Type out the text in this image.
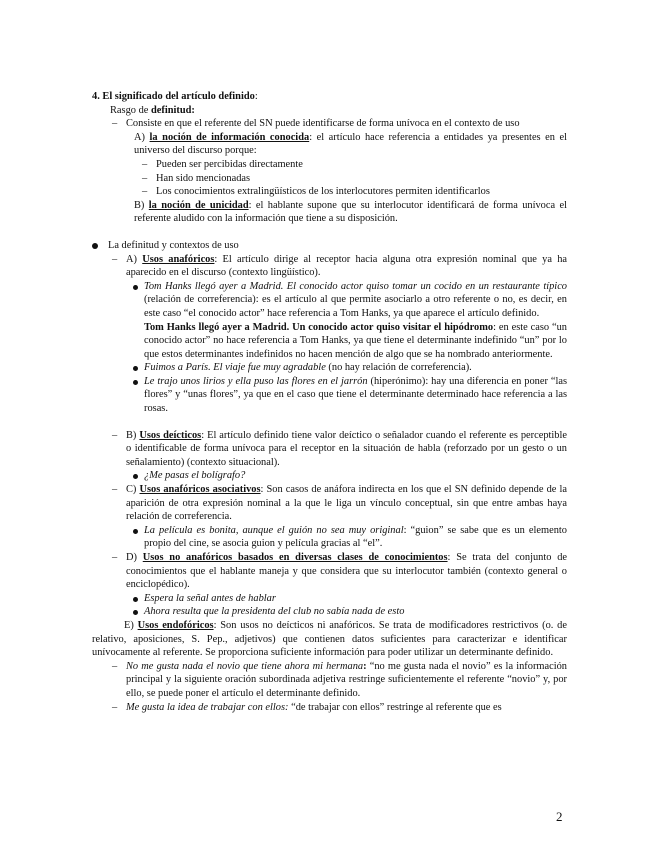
4. El significado del artículo definido:

Rasgo de definitud:

– Consiste en que el referente del SN puede identificarse de forma unívoca en el contexto de uso

A) la noción de información conocida: el artículo hace referencia a entidades ya presentes en el universo del discurso porque:

– Pueden ser percibidas directamente

– Han sido mencionadas

– Los conocimientos extralingüísticos de los interlocutores permiten identificarlos

B) la noción de unicidad: el hablante supone que su interlocutor identificará de forma unívoca el referente aludido con la información que tiene a su disposición.

La definitud y contextos de uso

– A) Usos anafóricos: El artículo dirige al receptor hacia alguna otra expresión nominal que ya ha aparecido en el discurso (contexto lingüístico).

Tom Hanks llegó ayer a Madrid. El conocido actor quiso tomar un cocido en un restaurante típico (relación de correferencia): es el artículo al que permite asociarlo a otro referente o no, es decir, en este caso “el conocido actor” hace referencia a Tom Hanks, ya que aparece el artículo definido.

Tom Hanks llegó ayer a Madrid. Un conocido actor quiso visitar el hipódromo: en este caso “un conocido actor” no hace referencia a Tom Hanks, ya que tiene el determinante indefinido “un” por lo que estos determinantes indefinidos no hacen mención de algo que se ha nombrado anteriormente.

Fuimos a París. El viaje fue muy agradable (no hay relación de correferencia).

Le trajo unos lirios y ella puso las flores en el jarrón (hiperónimo): hay una diferencia en poner “las flores” y “unas flores”, ya que en el caso que tiene el determinante determinado hace referencia a las rosas.

– B) Usos deícticos: El artículo definido tiene valor deíctico o señalador cuando el referente es perceptible o identificable de forma unívoca para el receptor en la situación de habla (reforzado por un gesto o un señalamiento) (contexto situacional).

¿Me pasas el bolígrafo?

– C) Usos anafóricos asociativos: Son casos de anáfora indirecta en los que el SN definido depende de la aparición de otra expresión nominal a la que le liga un vínculo conceptual, sin que entre ambas haya relación de correferencia.

La película es bonita, aunque el guión no sea muy original: “guion” se sabe que es un elemento propio del cine, se asocia guion y película gracias al “el”.

– D) Usos no anafóricos basados en diversas clases de conocimientos: Se trata del conjunto de conocimientos que el hablante maneja y que considera que su interlocutor también (contexto general o enciclopédico).

Espera la señal antes de hablar

Ahora resulta que la presidenta del club no sabía nada de esto

E) Usos endofóricos: Son usos no deícticos ni anafóricos. Se trata de modificadores restrictivos (o. de relativo, aposiciones, S. Pep., adjetivos) que contienen datos suficientes para caracterizar e identificar unívocamente al referente. Se proporciona suficiente información para poder utilizar un determinante definido.

– No me gusta nada el novio que tiene ahora mi hermana: “no me gusta nada el novio” es la información principal y la siguiente oración subordinada adjetiva restringe suficientemente el referente “novio” y, por ello, se puede poner el artículo el determinante definido.

– Me gusta la idea de trabajar con ellos: “de trabajar con ellos” restringe al referente que es

2
